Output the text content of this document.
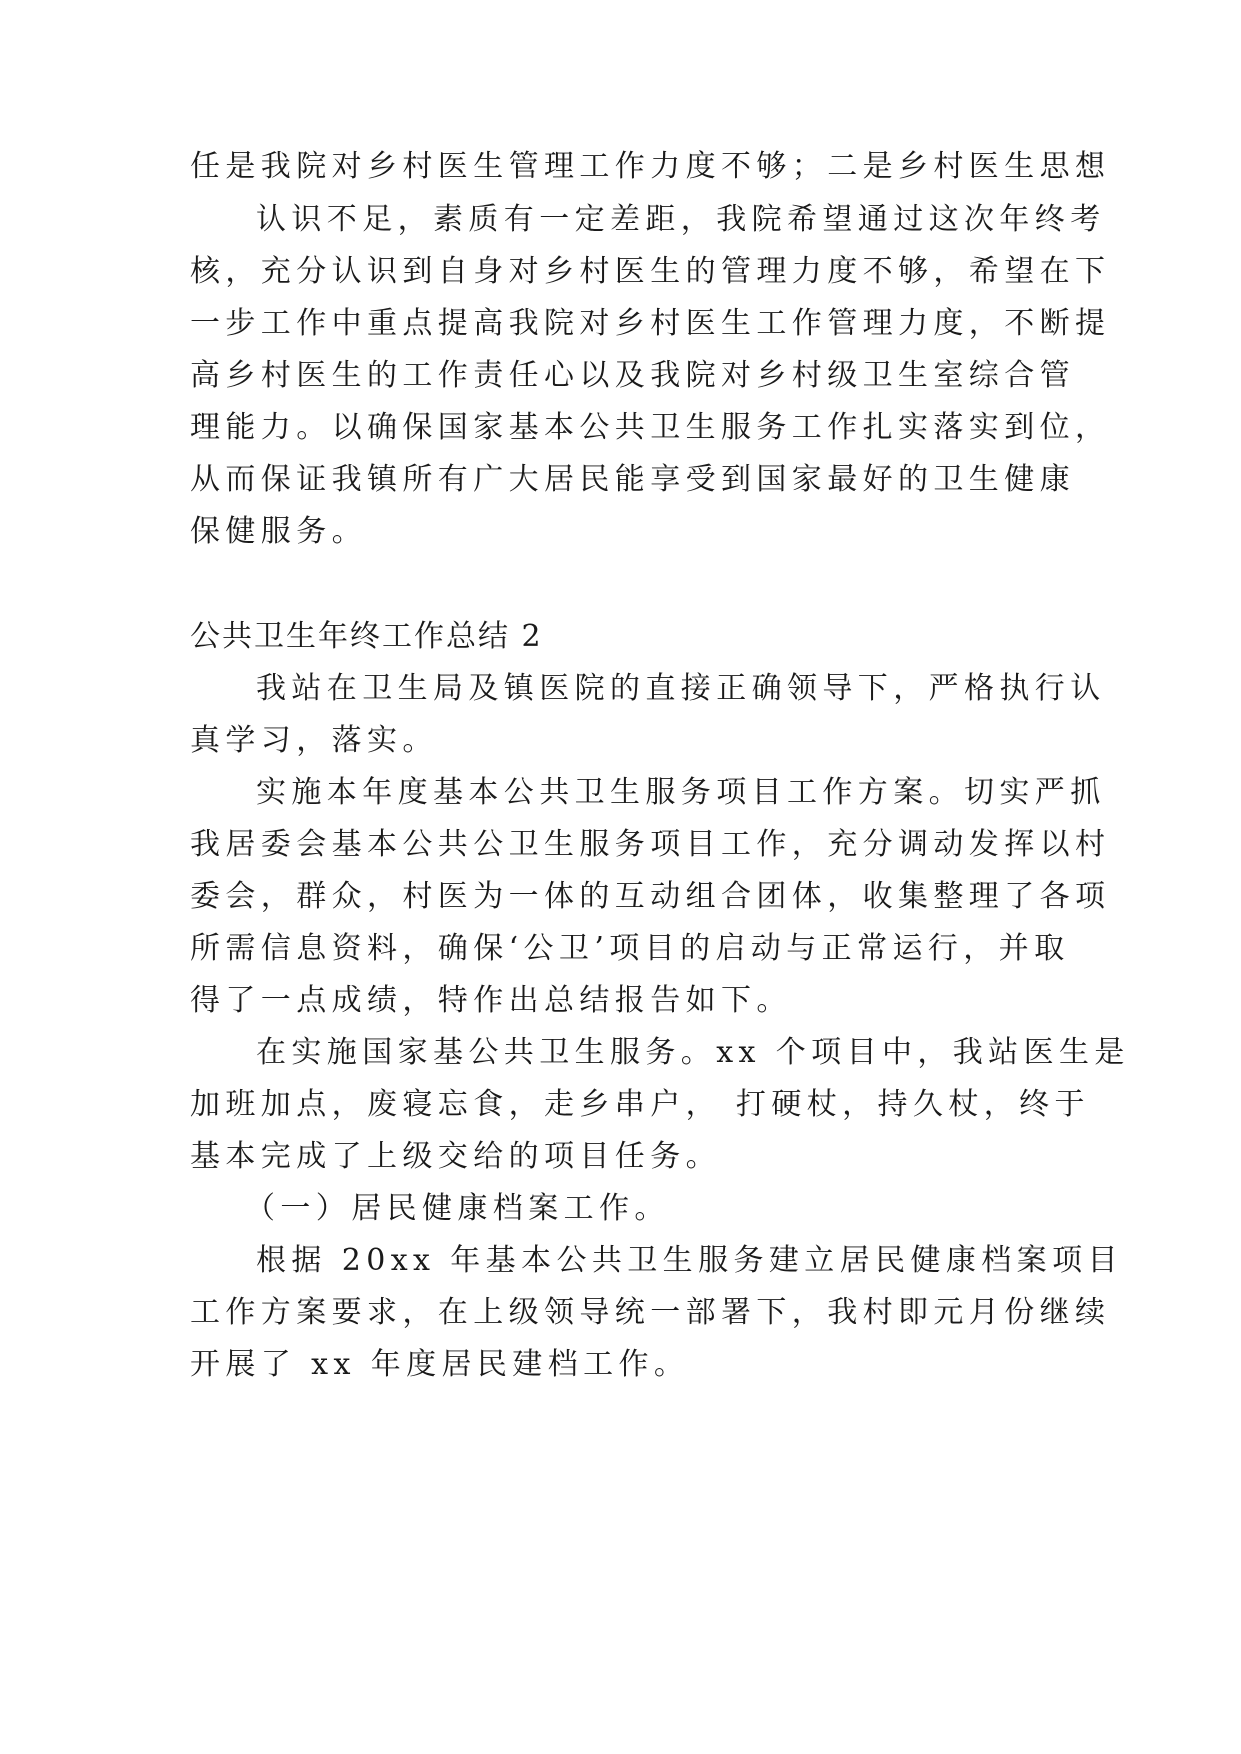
任是我院对乡村医生管理工作力度不够；二是乡村医生思想
认识不足，素质有一定差距，我院希望通过这次年终考
核，充分认识到自身对乡村医生的管理力度不够，希望在下
一步工作中重点提高我院对乡村医生工作管理力度，不断提
高乡村医生的工作责任心以及我院对乡村级卫生室综合管
理能力。以确保国家基本公共卫生服务工作扎实落实到位，
从而保证我镇所有广大居民能享受到国家最好的卫生健康
保健服务。
公共卫生年终工作总结 2
我站在卫生局及镇医院的直接正确领导下，严格执行认
真学习，落实。
实施本年度基本公共卫生服务项目工作方案。切实严抓
我居委会基本公共公卫生服务项目工作，充分调动发挥以村
委会，群众，村医为一体的互动组合团体，收集整理了各项
所需信息资料，确保‘公卫’项目的启动与正常运行，并取
得了一点成绩，特作出总结报告如下。
在实施国家基公共卫生服务。xx 个项目中，我站医生是
加班加点，废寝忘食，走乡串户， 打硬杖，持久杖，终于
基本完成了上级交给的项目任务。
（一）居民健康档案工作。
根据 20xx 年基本公共卫生服务建立居民健康档案项目
工作方案要求，在上级领导统一部署下，我村即元月份继续
开展了 xx 年度居民建档工作。
